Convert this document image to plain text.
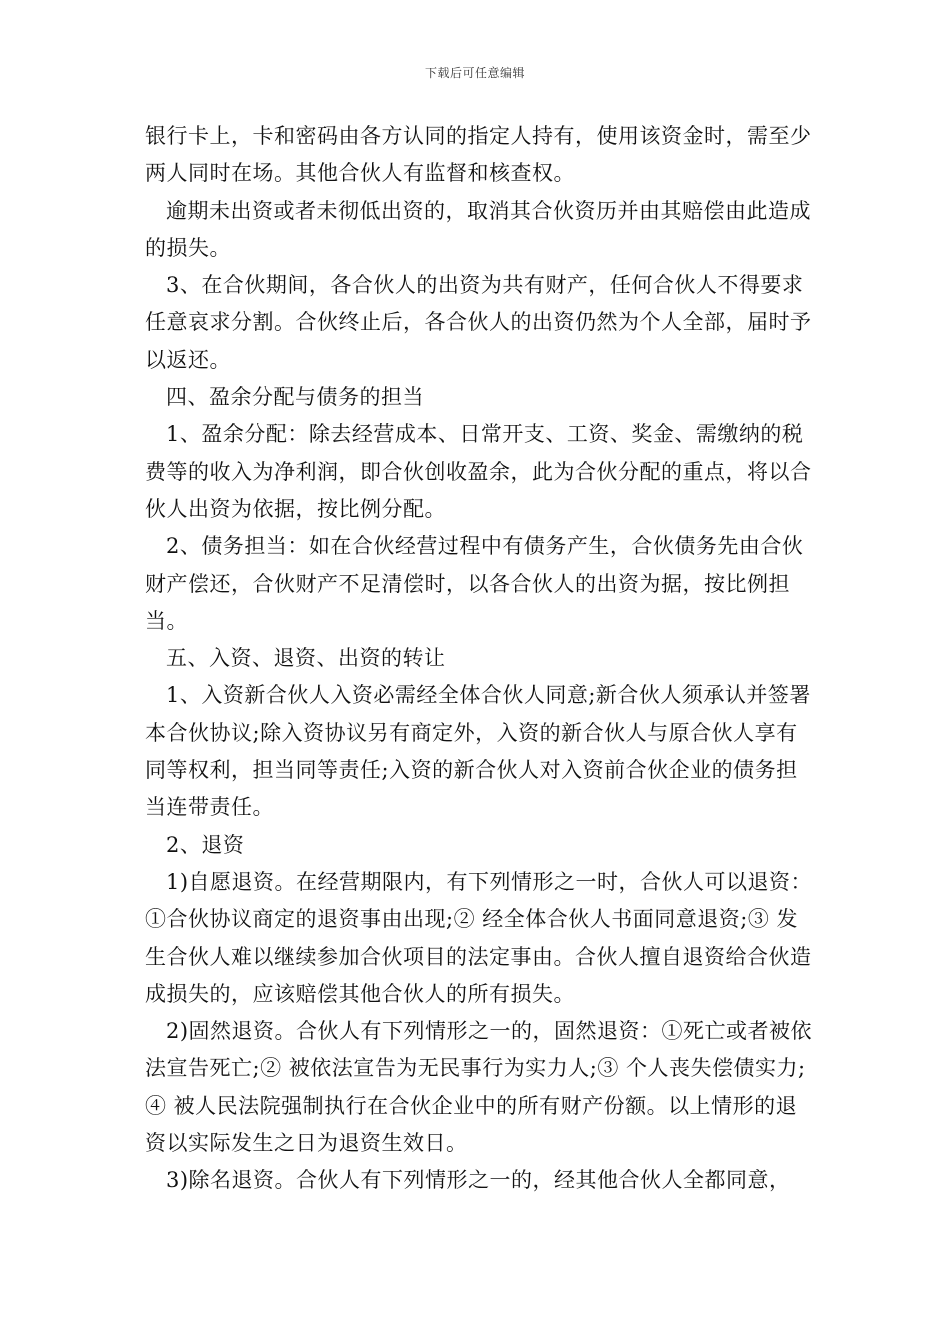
下载后可任意编辑

银行卡上，卡和密码由各方认同的指定人持有，使用该资金时，需至少两人同时在场。其他合伙人有监督和核查权。

逾期未出资或者未彻低出资的，取消其合伙资历并由其赔偿由此造成的损失。

3、在合伙期间，各合伙人的出资为共有财产，任何合伙人不得要求任意哀求分割。合伙终止后，各合伙人的出资仍然为个人全部，届时予以返还。

四、盈余分配与债务的担当

1、盈余分配：除去经营成本、日常开支、工资、奖金、需缴纳的税费等的收入为净利润，即合伙创收盈余，此为合伙分配的重点，将以合伙人出资为依据，按比例分配。

2、债务担当：如在合伙经营过程中有债务产生，合伙债务先由合伙财产偿还，合伙财产不足清偿时，以各合伙人的出资为据，按比例担当。

五、入资、退资、出资的转让

1、入资新合伙人入资必需经全体合伙人同意;新合伙人须承认并签署本合伙协议;除入资协议另有商定外，入资的新合伙人与原合伙人享有同等权利，担当同等责任;入资的新合伙人对入资前合伙企业的债务担当连带责任。

2、退资

1)自愿退资。在经营期限内，有下列情形之一时，合伙人可以退资：①合伙协议商定的退资事由出现;② 经全体合伙人书面同意退资;③ 发生合伙人难以继续参加合伙项目的法定事由。合伙人擅自退资给合伙造成损失的，应该赔偿其他合伙人的所有损失。

2)固然退资。合伙人有下列情形之一的，固然退资：①死亡或者被依法宣告死亡;② 被依法宣告为无民事行为实力人;③ 个人丧失偿债实力;④ 被人民法院强制执行在合伙企业中的所有财产份额。以上情形的退资以实际发生之日为退资生效日。

3)除名退资。合伙人有下列情形之一的，经其他合伙人全都同意，
